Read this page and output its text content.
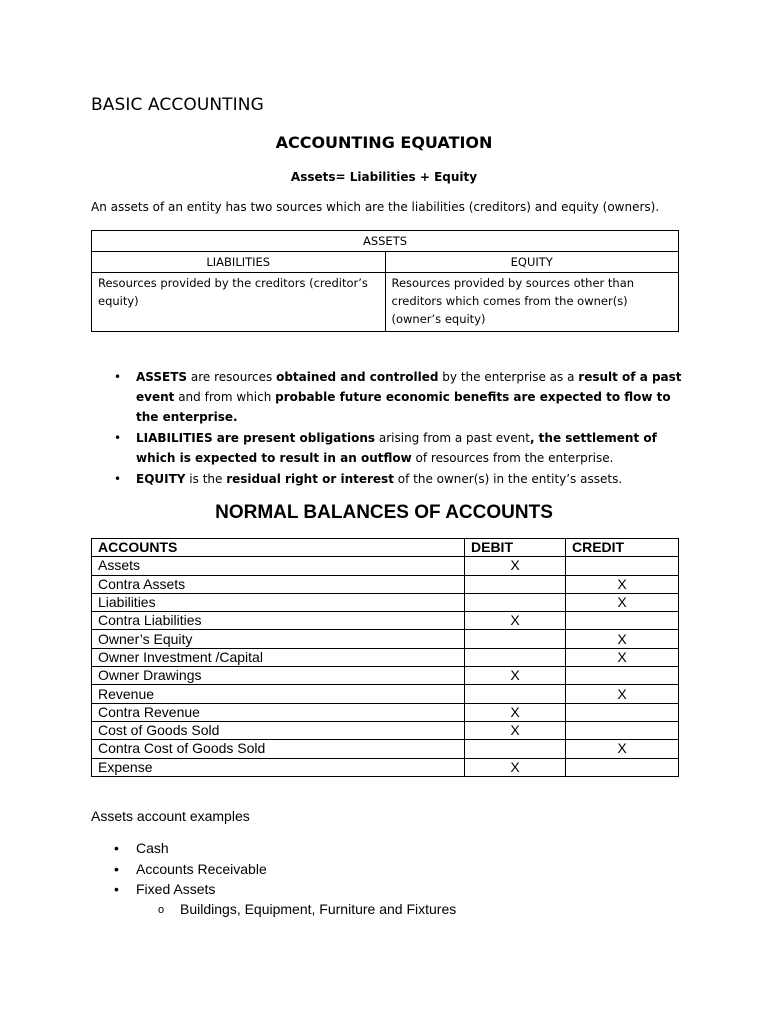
BASIC ACCOUNTING
ACCOUNTING EQUATION
Assets= Liabilities + Equity
An assets of an entity has two sources which are the liabilities (creditors) and equity (owners).
ASSETS	
LIABILITIES	EQUITY
Resources provided by the creditors (creditor’s equity)	Resources provided by sources other than creditors which comes from the owner(s) (owner’s equity)
• ASSETS are resources obtained and controlled by the enterprise as a result of a past event and from which probable future economic benefits are expected to flow to the enterprise.
• LIABILITIES are present obligations arising from a past event, the settlement of which is expected to result in an outflow of resources from the enterprise.
• EQUITY is the residual right or interest of the owner(s) in the entity’s assets.
NORMAL BALANCES OF ACCOUNTS
ACCOUNTS	DEBIT	CREDIT
Assets	X	
Contra Assets		X
Liabilities		X
Contra Liabilities	X	
Owner’s Equity		X
Owner Investment /Capital		X
Owner Drawings	X	
Revenue		X
Contra Revenue	X	
Cost of Goods Sold	X	
Contra Cost of Goods Sold		X
Expense	X	
Assets account examples
• Cash
• Accounts Receivable
• Fixed Assets
o Buildings, Equipment, Furniture and Fixtures
